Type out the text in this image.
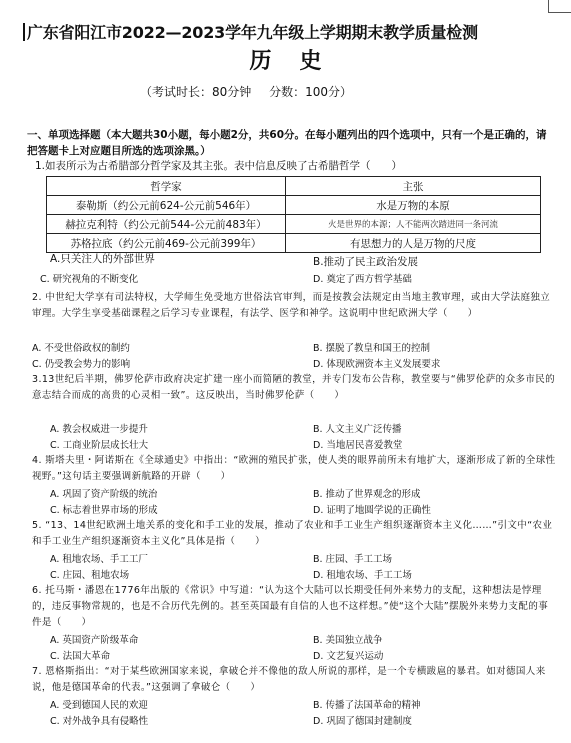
广东省阳江市2022—2023学年九年级上学期期末教学质量检测
历史
（考试时长：80分钟 分数：100分）
一、单项选择题（本大题共30小题，每小题2分，共60分。在每小题列出的四个选项中，只有一个是正确的，请把答题卡上对应题目所选的选项涂黑。）
1.如表所示为古希腊部分哲学家及其主张。表中信息反映了古希腊哲学（　　）
哲学家	主张
泰勒斯（约公元前624-公元前546年）	水是万物的本原
赫拉克利特（约公元前544-公元前483年）	火是世界的本源；人不能两次踏进同一条河流
苏格拉底（约公元前469-公元前399年）	有思想力的人是万物的尺度
A.只关注人的外部世界	B.推动了民主政治发展
C. 研究视角的不断变化	D. 奠定了西方哲学基础
2. 中世纪大学享有司法特权，大学师生免受地方世俗法官审判，而是按教会法规定由当地主教审理，或由大学法庭独立审理。大学生享受基础课程之后学习专业课程，有法学、医学和神学。这说明中世纪欧洲大学（　　）
A. 不受世俗政权的制约	B. 摆脱了教皇和国王的控制
C. 仍受教会势力的影响	D. 体现欧洲资本主义发展要求
3.13世纪后半期，佛罗伦萨市政府决定扩建一座小而简陋的教堂，并专门发布公告称，教堂要与“佛罗伦萨的众多市民的意志结合而成的高贵的心灵相一致”。这反映出，当时佛罗伦萨（　　）
A. 教会权威进一步提升	B. 人文主义广泛传播
C. 工商业阶层成长壮大	D. 当地居民喜爱教堂
4. 斯塔夫里・阿诺斯在《全球通史》中指出：“欧洲的殖民扩张，使人类的眼界前所未有地扩大，逐渐形成了新的全球性视野。”这句话主要强调新航路的开辟（　　）
A. 巩固了资产阶级的统治	B. 推动了世界观念的形成
C. 标志着世界市场的形成	D. 证明了地圆学说的正确性
5. “13、14世纪欧洲土地关系的变化和手工业的发展，推动了农业和手工业生产组织逐渐资本主义化……”引文中“农业和手工业生产组织逐渐资本主义化”具体是指（　　）
A. 租地农场、手工工厂	B. 庄园、手工工场
C. 庄园、租地农场	D. 租地农场、手工工场
6. 托马斯・潘恩在1776年出版的《常识》中写道：“认为这个大陆可以长期受任何外来势力的支配，这种想法是悖理的，违反事物常规的，也是不合历代先例的。甚至英国最有自信的人也不这样想。”使“这个大陆”摆脱外来势力支配的事件是（　　）
A. 英国资产阶级革命	B. 美国独立战争
C. 法国大革命	D. 文艺复兴运动
7. 恩格斯指出：“对于某些欧洲国家来说，拿破仑并不像他的敌人所说的那样，是一个专横跋扈的暴君。如对德国人来说，他是德国革命的代表。”这强调了拿破仑（　　）
A. 受到德国人民的欢迎	B. 传播了法国革命的精神
C. 对外战争具有侵略性	D. 巩固了德国封建制度
